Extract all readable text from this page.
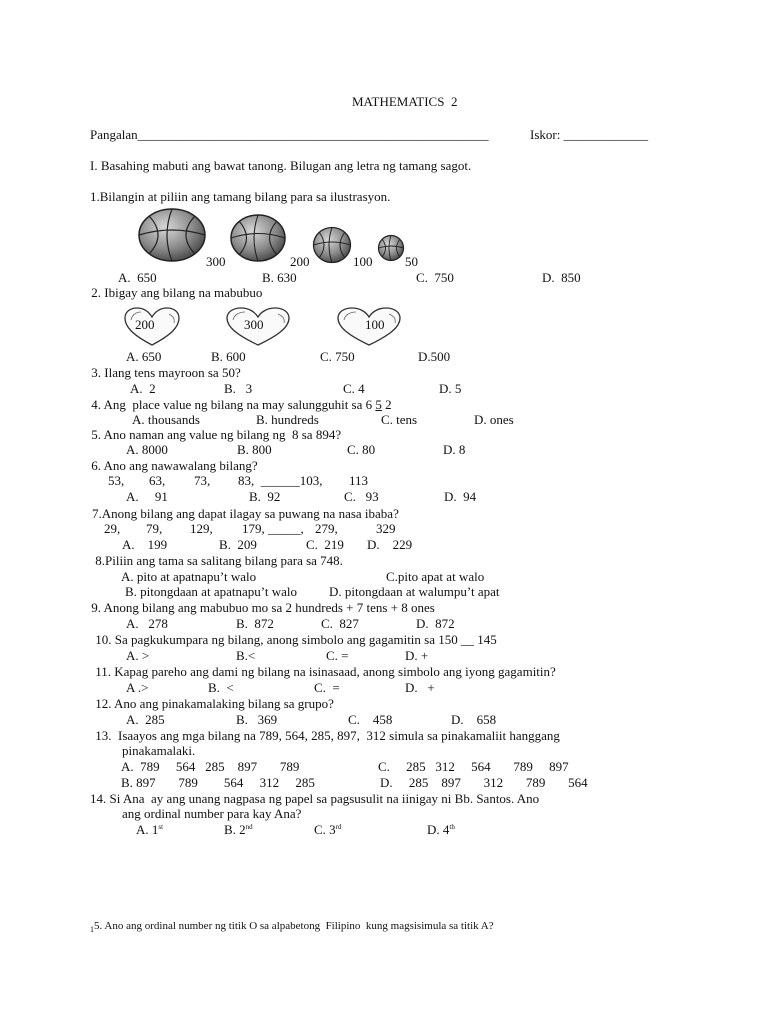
MATHEMATICS  2
Pangalan______________________________________________________	Iskor: _____________
I. Basahing mabuti ang bawat tanong. Bilugan ang letra ng tamang sagot.
1.Bilangin at piliin ang tamang bilang para sa ilustrasyon.
300	200	100	50
A.  650	B. 630	C.  750	D.  850
2. Ibigay ang bilang na mabubuo
200	300	100
A. 650	B. 600	C. 750	D.500
3. Ilang tens mayroon sa 50?
A.  2	B.   3	C. 4	D. 5
4. Ang  place value ng bilang na may salungguhit sa 6 5 2
A. thousands	B. hundreds	C. tens	D. ones
5. Ano naman ang value ng bilang ng  8 sa 894?
A. 8000	B. 800	C. 80	D. 8
6. Ano ang nawawalang bilang?
53, 63, 73, 83,  ______103, 113
A.     91	B.  92	C.   93	D.  94
7.Anong bilang ang dapat ilagay sa puwang na nasa ibaba?
29, 79, 129, 179, _____, 279,	329
A.    199	B.  209	C.  219 D.    229
8.Piliin ang tama sa salitang bilang para sa 748.
A. pito at apatnapu’t walo	C.pito apat at walo
B. pitongdaan at apatnapu’t walo D. pitongdaan at walumpu’t apat
9. Anong bilang ang mabubuo mo sa 2 hundreds + 7 tens + 8 ones
A.   278	B.  872	C.  827	D.  872
10. Sa pagkukumpara ng bilang, anong simbolo ang gagamitin sa 150 __ 145
A. >	B.<	C. =	D. +
11. Kapag pareho ang dami ng bilang na isinasaad, anong simbolo ang iyong gagamitin?
A .>	B.  <	C.  =	D.   +
12. Ano ang pinakamalaking bilang sa grupo?
A.  285	B.   369	C.    458	D.    658
13.  Isaayos ang mga bilang na 789, 564, 285, 897,  312 simula sa pinakamaliit hanggang
pinakamalaki.
A.  789     564   285    897       789	C.     285   312     564       789     897
B. 897       789        564     312     285	D.     285    897       312       789       564
14. Si Ana  ay ang unang nagpasa ng papel sa pagsusulit na iinigay ni Bb. Santos. Ano
ang ordinal number para kay Ana?
A. 1st	B. 2nd	C. 3rd	D. 4th
$_1$5. Ano ang ordinal number ng titik O sa alpabetong  Filipino  kung magsisimula sa titik A?
